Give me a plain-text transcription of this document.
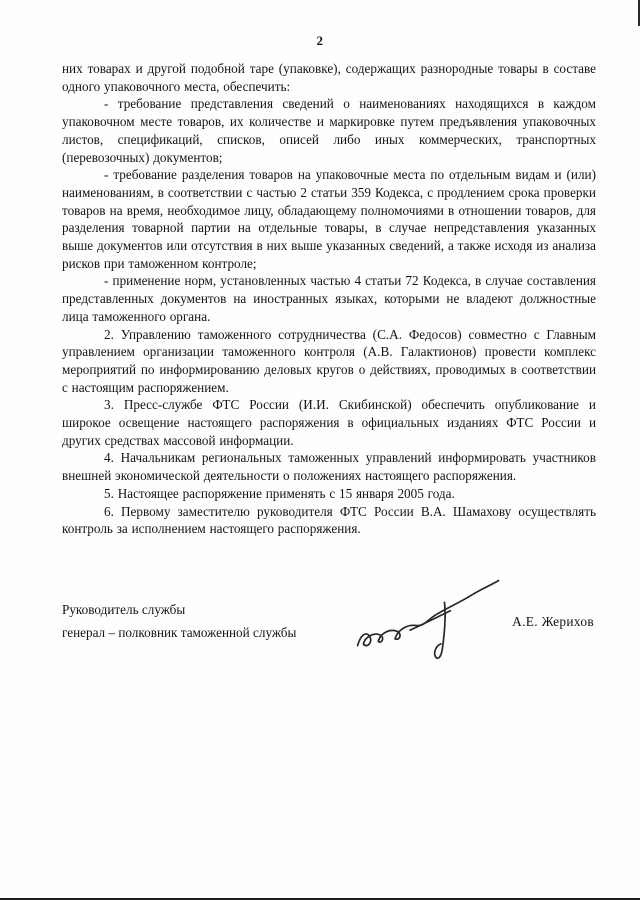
2

них товарах и другой подобной таре (упаковке), содержащих разнородные товары в составе одного упаковочного места, обеспечить:

- требование представления сведений о наименованиях находящихся в каждом упаковочном месте товаров, их количестве и маркировке путем предъявления упаковочных листов, спецификаций, списков, описей либо иных коммерческих, транспортных (перевозочных) документов;

- требование разделения товаров на упаковочные места по отдельным видам и (или) наименованиям, в соответствии с частью 2 статьи 359 Кодекса, с продлением срока проверки товаров на время, необходимое лицу, обладающему полномочиями в отношении товаров, для разделения товарной партии на отдельные товары, в случае непредставления указанных выше документов или отсутствия в них выше указанных сведений, а также исходя из анализа рисков при таможенном контроле;

- применение норм, установленных частью 4 статьи 72 Кодекса, в случае составления представленных документов на иностранных языках, которыми не владеют должностные лица таможенного органа.

2. Управлению таможенного сотрудничества (С.А. Федосов) совместно с Главным управлением организации таможенного контроля (А.В. Галактионов) провести комплекс мероприятий по информированию деловых кругов о действиях, проводимых в соответствии с настоящим распоряжением.

3. Пресс-службе ФТС России (И.И. Скибинской) обеспечить опубликование и широкое освещение настоящего распоряжения в официальных изданиях ФТС России и других средствах массовой информации.

4. Начальникам региональных таможенных управлений информировать участников внешней экономической деятельности о положениях настоящего распоряжения.

5. Настоящее распоряжение применять с 15 января 2005 года.

6. Первому заместителю руководителя ФТС России В.А. Шамахову осуществлять контроль за исполнением настоящего распоряжения.

Руководитель службы
генерал – полковник таможенной службы
А.Е. Жерихов
